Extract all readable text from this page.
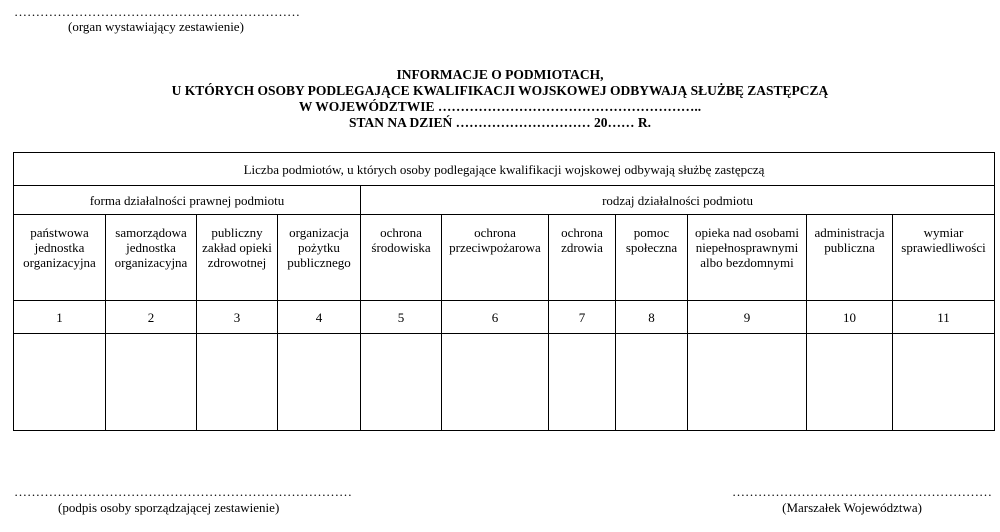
…………………………………………………………
(organ wystawiający zestawienie)
INFORMACJE O PODMIOTACH,
U KTÓRYCH OSOBY PODLEGAJĄCE KWALIFIKACJI WOJSKOWEJ ODBYWAJĄ SŁUŻBĘ ZASTĘPCZĄ
W WOJEWÓDZTWIE …………………………………………………..
STAN NA DZIEŃ ………………………… 20…… R.
Liczba podmiotów, u których osoby podlegające kwalifikacji wojskowej odbywają służbę zastępczą										
forma działalności prawnej podmiotu				rodzaj działalności podmiotu						
państwowa jednostka organizacyjna	samorządowa jednostka organizacyjna	publiczny zakład opieki zdrowotnej	organizacja pożytku publicznego	ochrona środowiska	ochrona przeciwpożarowa	ochrona zdrowia	pomoc społeczna	opieka nad osobami niepełnosprawnymi albo bezdomnymi	administracja publiczna	wymiar sprawiedliwości
1	2	3	4	5	6	7	8	9	10	11

……………………………………………………………………
(podpis osoby sporządzającej zestawienie)
……………………………………………………
(Marszałek Województwa)
